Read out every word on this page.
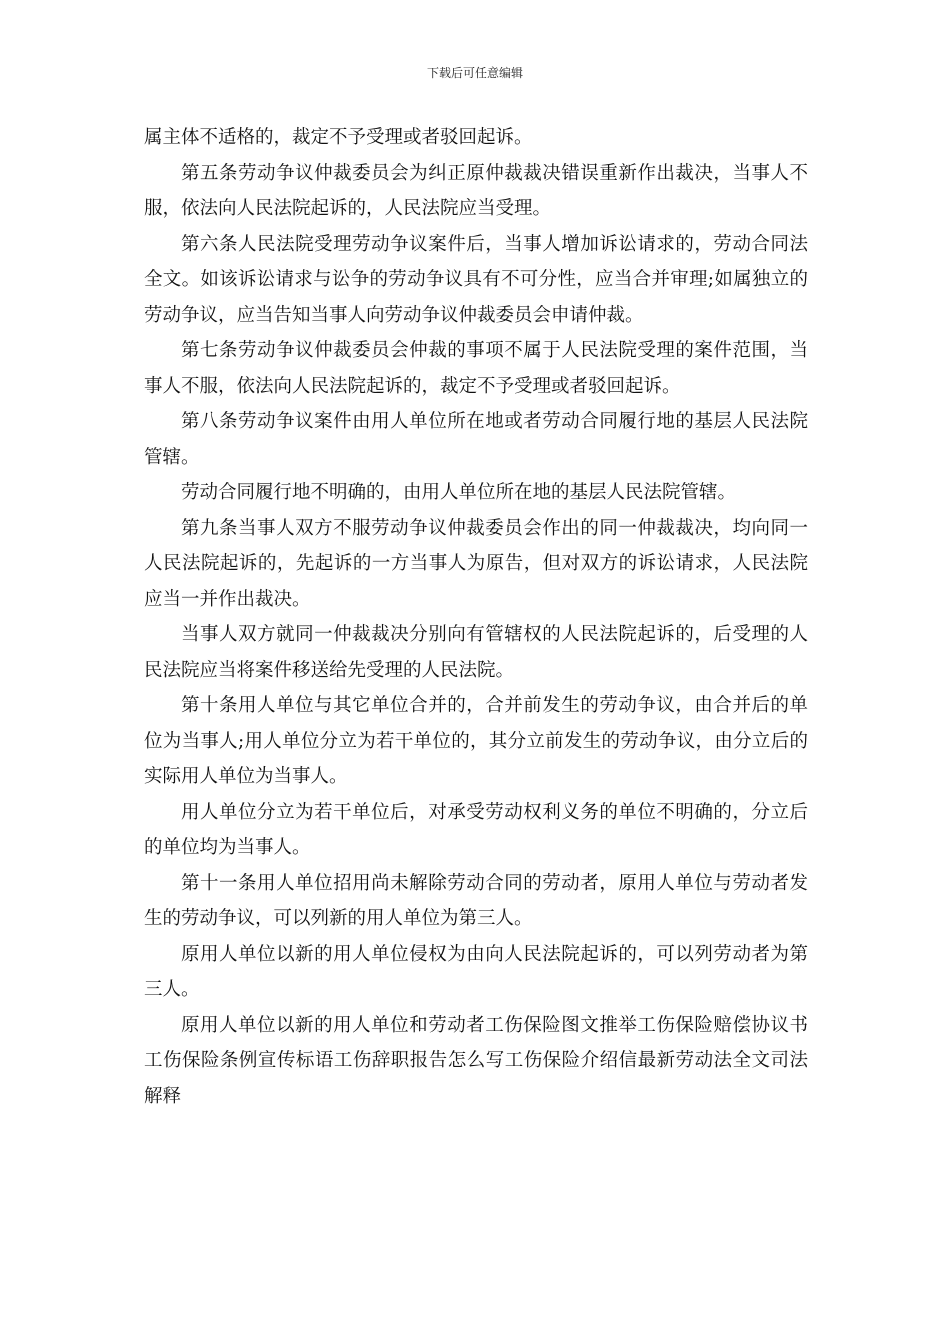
下载后可任意编辑

属主体不适格的，裁定不予受理或者驳回起诉。

第五条劳动争议仲裁委员会为纠正原仲裁裁决错误重新作出裁决，当事人不服，依法向人民法院起诉的，人民法院应当受理。

第六条人民法院受理劳动争议案件后，当事人增加诉讼请求的，劳动合同法全文。如该诉讼请求与讼争的劳动争议具有不可分性，应当合并审理;如属独立的劳动争议，应当告知当事人向劳动争议仲裁委员会申请仲裁。

第七条劳动争议仲裁委员会仲裁的事项不属于人民法院受理的案件范围，当事人不服，依法向人民法院起诉的，裁定不予受理或者驳回起诉。

第八条劳动争议案件由用人单位所在地或者劳动合同履行地的基层人民法院管辖。

劳动合同履行地不明确的，由用人单位所在地的基层人民法院管辖。

第九条当事人双方不服劳动争议仲裁委员会作出的同一仲裁裁决，均向同一人民法院起诉的，先起诉的一方当事人为原告，但对双方的诉讼请求，人民法院应当一并作出裁决。

当事人双方就同一仲裁裁决分别向有管辖权的人民法院起诉的，后受理的人民法院应当将案件移送给先受理的人民法院。

第十条用人单位与其它单位合并的，合并前发生的劳动争议，由合并后的单位为当事人;用人单位分立为若干单位的，其分立前发生的劳动争议，由分立后的实际用人单位为当事人。

用人单位分立为若干单位后，对承受劳动权利义务的单位不明确的，分立后的单位均为当事人。

第十一条用人单位招用尚未解除劳动合同的劳动者，原用人单位与劳动者发生的劳动争议，可以列新的用人单位为第三人。

原用人单位以新的用人单位侵权为由向人民法院起诉的，可以列劳动者为第三人。

原用人单位以新的用人单位和劳动者工伤保险图文推举工伤保险赔偿协议书工伤保险条例宣传标语工伤辞职报告怎么写工伤保险介绍信最新劳动法全文司法解释
